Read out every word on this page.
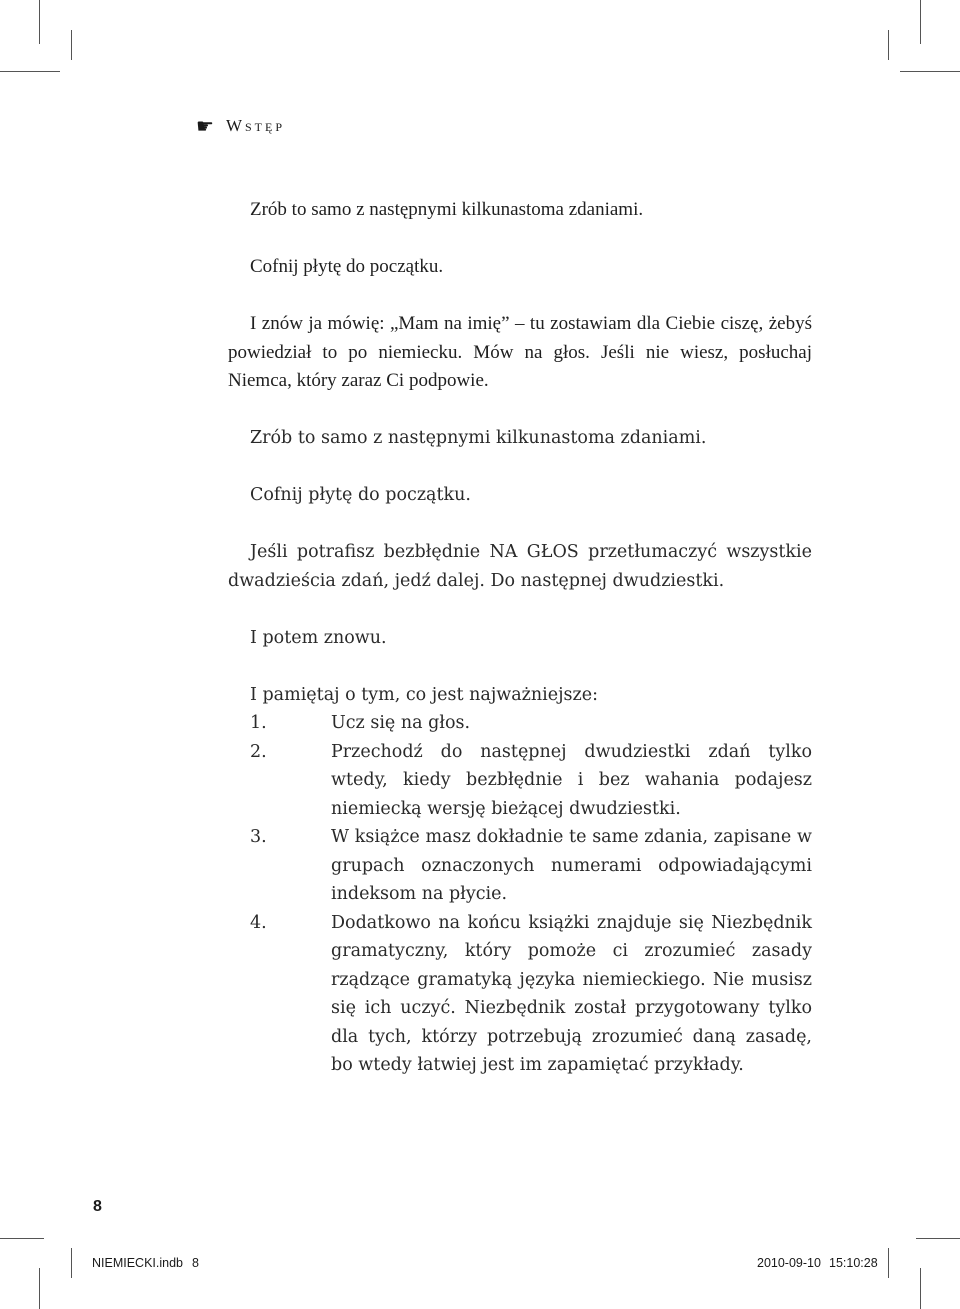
☛ Wstęp

Zrób to samo z następnymi kilkunastoma zdaniami.

Cofnij płytę do początku.

I znów ja mówię: „Mam na imię” – tu zostawiam dla Ciebie ciszę, żebyś powiedział to po niemiecku. Mów na głos. Jeśli nie wiesz, posłuchaj Niemca, który zaraz Ci podpowie.

Zrób to samo z następnymi kilkunastoma zdaniami.

Cofnij płytę do początku.

Jeśli potrafisz bezbłędnie NA GŁOS przetłumaczyć wszystkie dwadzieścia zdań, jedź dalej. Do następnej dwudziestki.

I potem znowu.

I pamiętaj o tym, co jest najważniejsze:

1.	Ucz się na głos.
2.	Przechodź do następnej dwudziestki zdań tylko wtedy, kiedy bezbłędnie i bez wahania podajesz niemiecką wersję bieżącej dwudziestki.
3.	W książce masz dokładnie te same zdania, zapisane w grupach oznaczonych numerami odpowiadającymi indeksom na płycie.
4.	Dodatkowo na końcu książki znajduje się Niezbędnik gramatyczny, który pomoże ci zrozumieć zasady rządzące gramatyką języka niemieckiego. Nie musisz się ich uczyć. Niezbędnik został przygotowany tylko dla tych, którzy potrzebują zrozumieć daną zasadę, bo wtedy łatwiej jest im zapamiętać przykłady.
8
NIEMIECKI.indb 8	2010-09-10 15:10:28
